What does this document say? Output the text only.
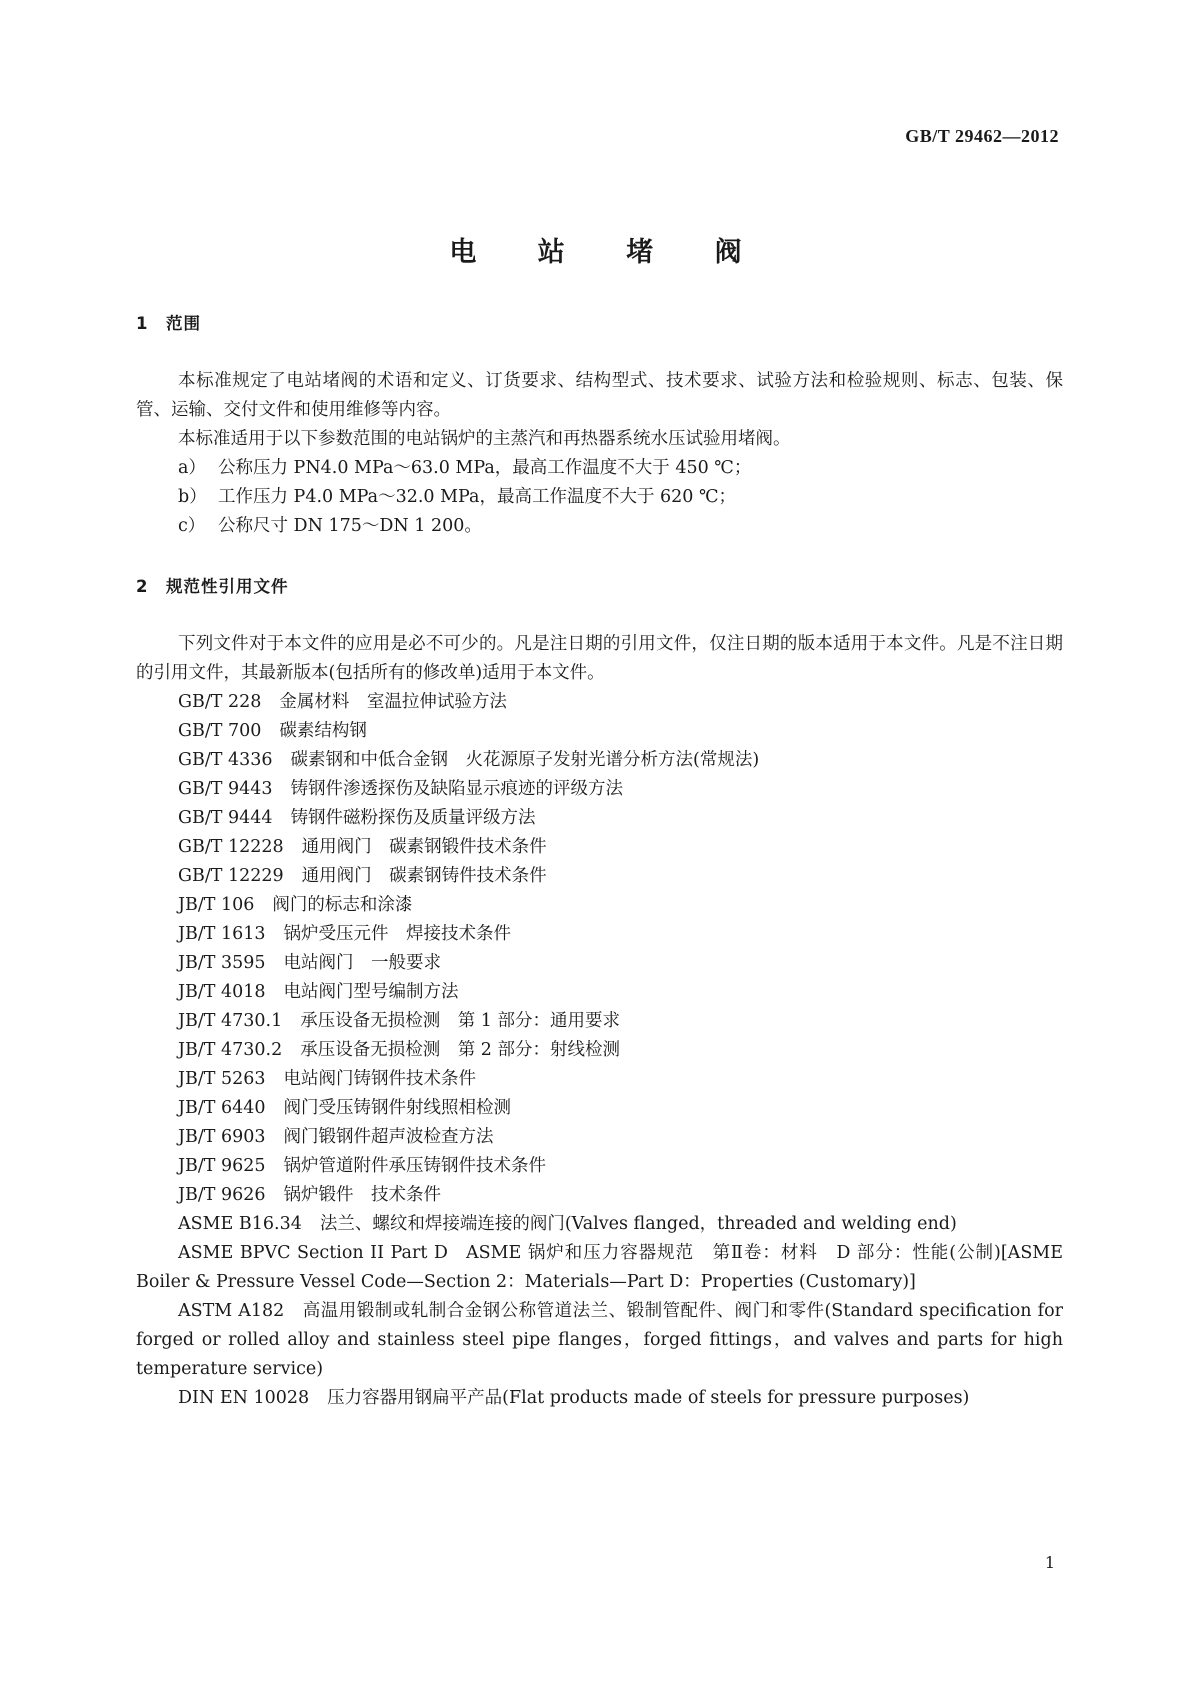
GB/T 29462—2012
电 站 堵 阀
1 范围
本标准规定了电站堵阀的术语和定义、订货要求、结构型式、技术要求、试验方法和检验规则、标志、包装、保管、运输、交付文件和使用维修等内容。
本标准适用于以下参数范围的电站锅炉的主蒸汽和再热器系统水压试验用堵阀。
a） 公称压力 PN4.0 MPa～63.0 MPa，最高工作温度不大于 450 ℃；
b） 工作压力 P4.0 MPa～32.0 MPa，最高工作温度不大于 620 ℃；
c） 公称尺寸 DN 175～DN 1 200。
2 规范性引用文件
下列文件对于本文件的应用是必不可少的。凡是注日期的引用文件，仅注日期的版本适用于本文件。凡是不注日期的引用文件，其最新版本(包括所有的修改单)适用于本文件。
GB/T 228 金属材料　室温拉伸试验方法
GB/T 700 碳素结构钢
GB/T 4336 碳素钢和中低合金钢　火花源原子发射光谱分析方法(常规法)
GB/T 9443 铸钢件渗透探伤及缺陷显示痕迹的评级方法
GB/T 9444 铸钢件磁粉探伤及质量评级方法
GB/T 12228 通用阀门　碳素钢锻件技术条件
GB/T 12229 通用阀门　碳素钢铸件技术条件
JB/T 106 阀门的标志和涂漆
JB/T 1613 锅炉受压元件　焊接技术条件
JB/T 3595 电站阀门　一般要求
JB/T 4018 电站阀门型号编制方法
JB/T 4730.1 承压设备无损检测　第 1 部分：通用要求
JB/T 4730.2 承压设备无损检测　第 2 部分：射线检测
JB/T 5263 电站阀门铸钢件技术条件
JB/T 6440 阀门受压铸钢件射线照相检测
JB/T 6903 阀门锻钢件超声波检查方法
JB/T 9625 锅炉管道附件承压铸钢件技术条件
JB/T 9626 锅炉锻件　技术条件
ASME B16.34 法兰、螺纹和焊接端连接的阀门(Valves flanged，threaded and welding end)
ASME BPVC Section II Part D ASME 锅炉和压力容器规范　第Ⅱ卷：材料　D 部分：性能(公制)[ASME Boiler & Pressure Vessel Code—Section 2：Materials—Part D：Properties (Customary)]
ASTM A182 高温用锻制或轧制合金钢公称管道法兰、锻制管配件、阀门和零件(Standard specification for forged or rolled alloy and stainless steel pipe flanges，forged fittings，and valves and parts for high temperature service)
DIN EN 10028 压力容器用钢扁平产品(Flat products made of steels for pressure purposes)
1
